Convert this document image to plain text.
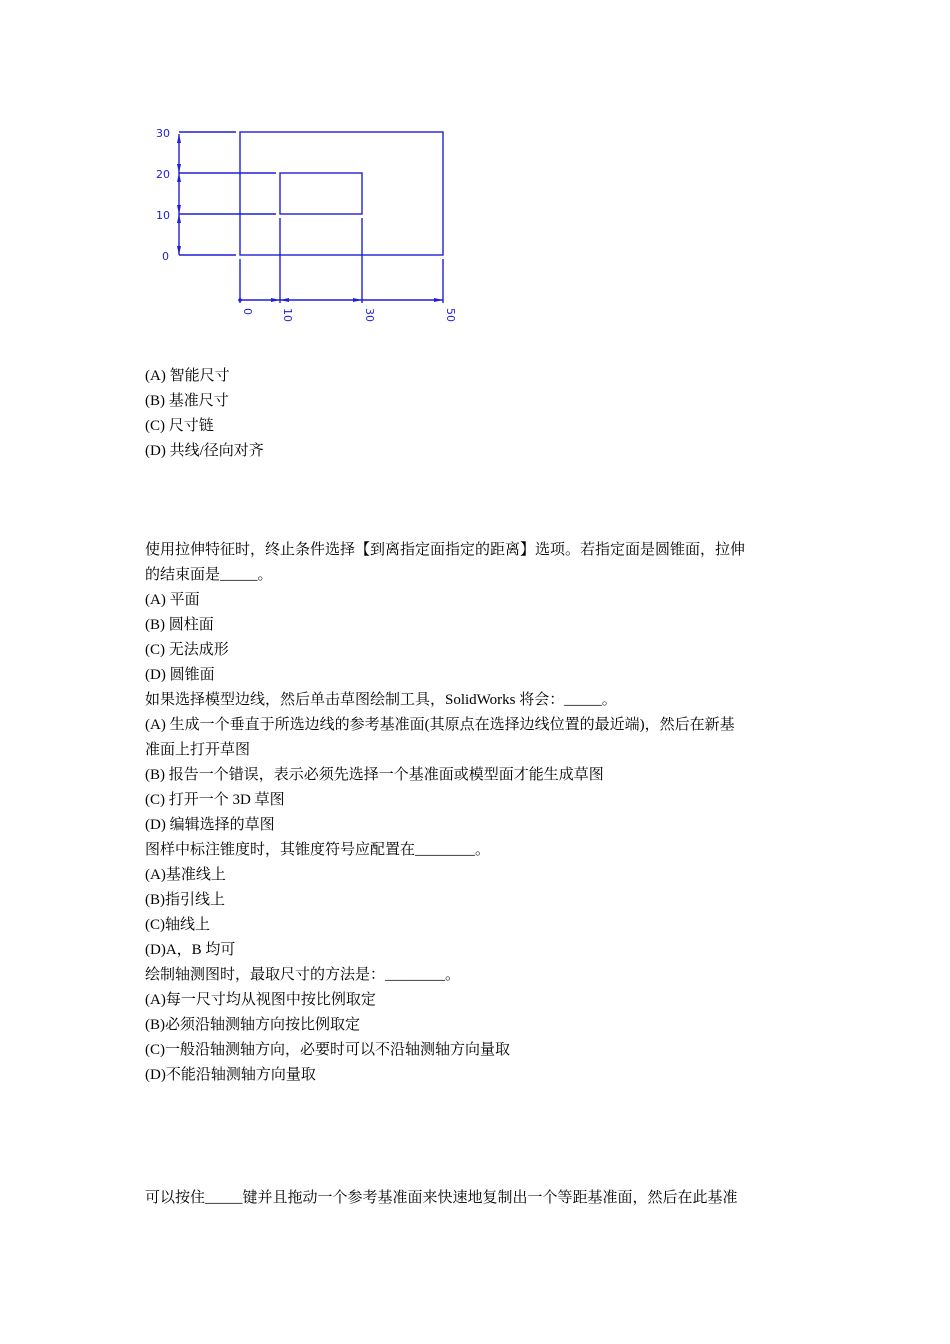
30
20
10
0
0 10	30	50
(A) 智能尺寸
(B) 基准尺寸
(C) 尺寸链
(D) 共线/径向对齐
使用拉伸特征时，终止条件选择【到离指定面指定的距离】选项。若指定面是圆锥面，拉伸
的结束面是_____。
(A) 平面
(B) 圆柱面
(C) 无法成形
(D) 圆锥面
如果选择模型边线，然后单击草图绘制工具，SolidWorks 将会：_____。
(A) 生成一个垂直于所选边线的参考基准面(其原点在选择边线位置的最近端)，然后在新基
准面上打开草图
(B) 报告一个错误，表示必须先选择一个基准面或模型面才能生成草图
(C) 打开一个 3D 草图
(D) 编辑选择的草图
图样中标注锥度时，其锥度符号应配置在________。
(A)基准线上
(B)指引线上
(C)轴线上
(D)A，B 均可
绘制轴测图时，最取尺寸的方法是：________。
(A)每一尺寸均从视图中按比例取定
(B)必须沿轴测轴方向按比例取定
(C)一般沿轴测轴方向，必要时可以不沿轴测轴方向量取
(D)不能沿轴测轴方向量取
可以按住_____键并且拖动一个参考基准面来快速地复制出一个等距基准面，然后在此基准
